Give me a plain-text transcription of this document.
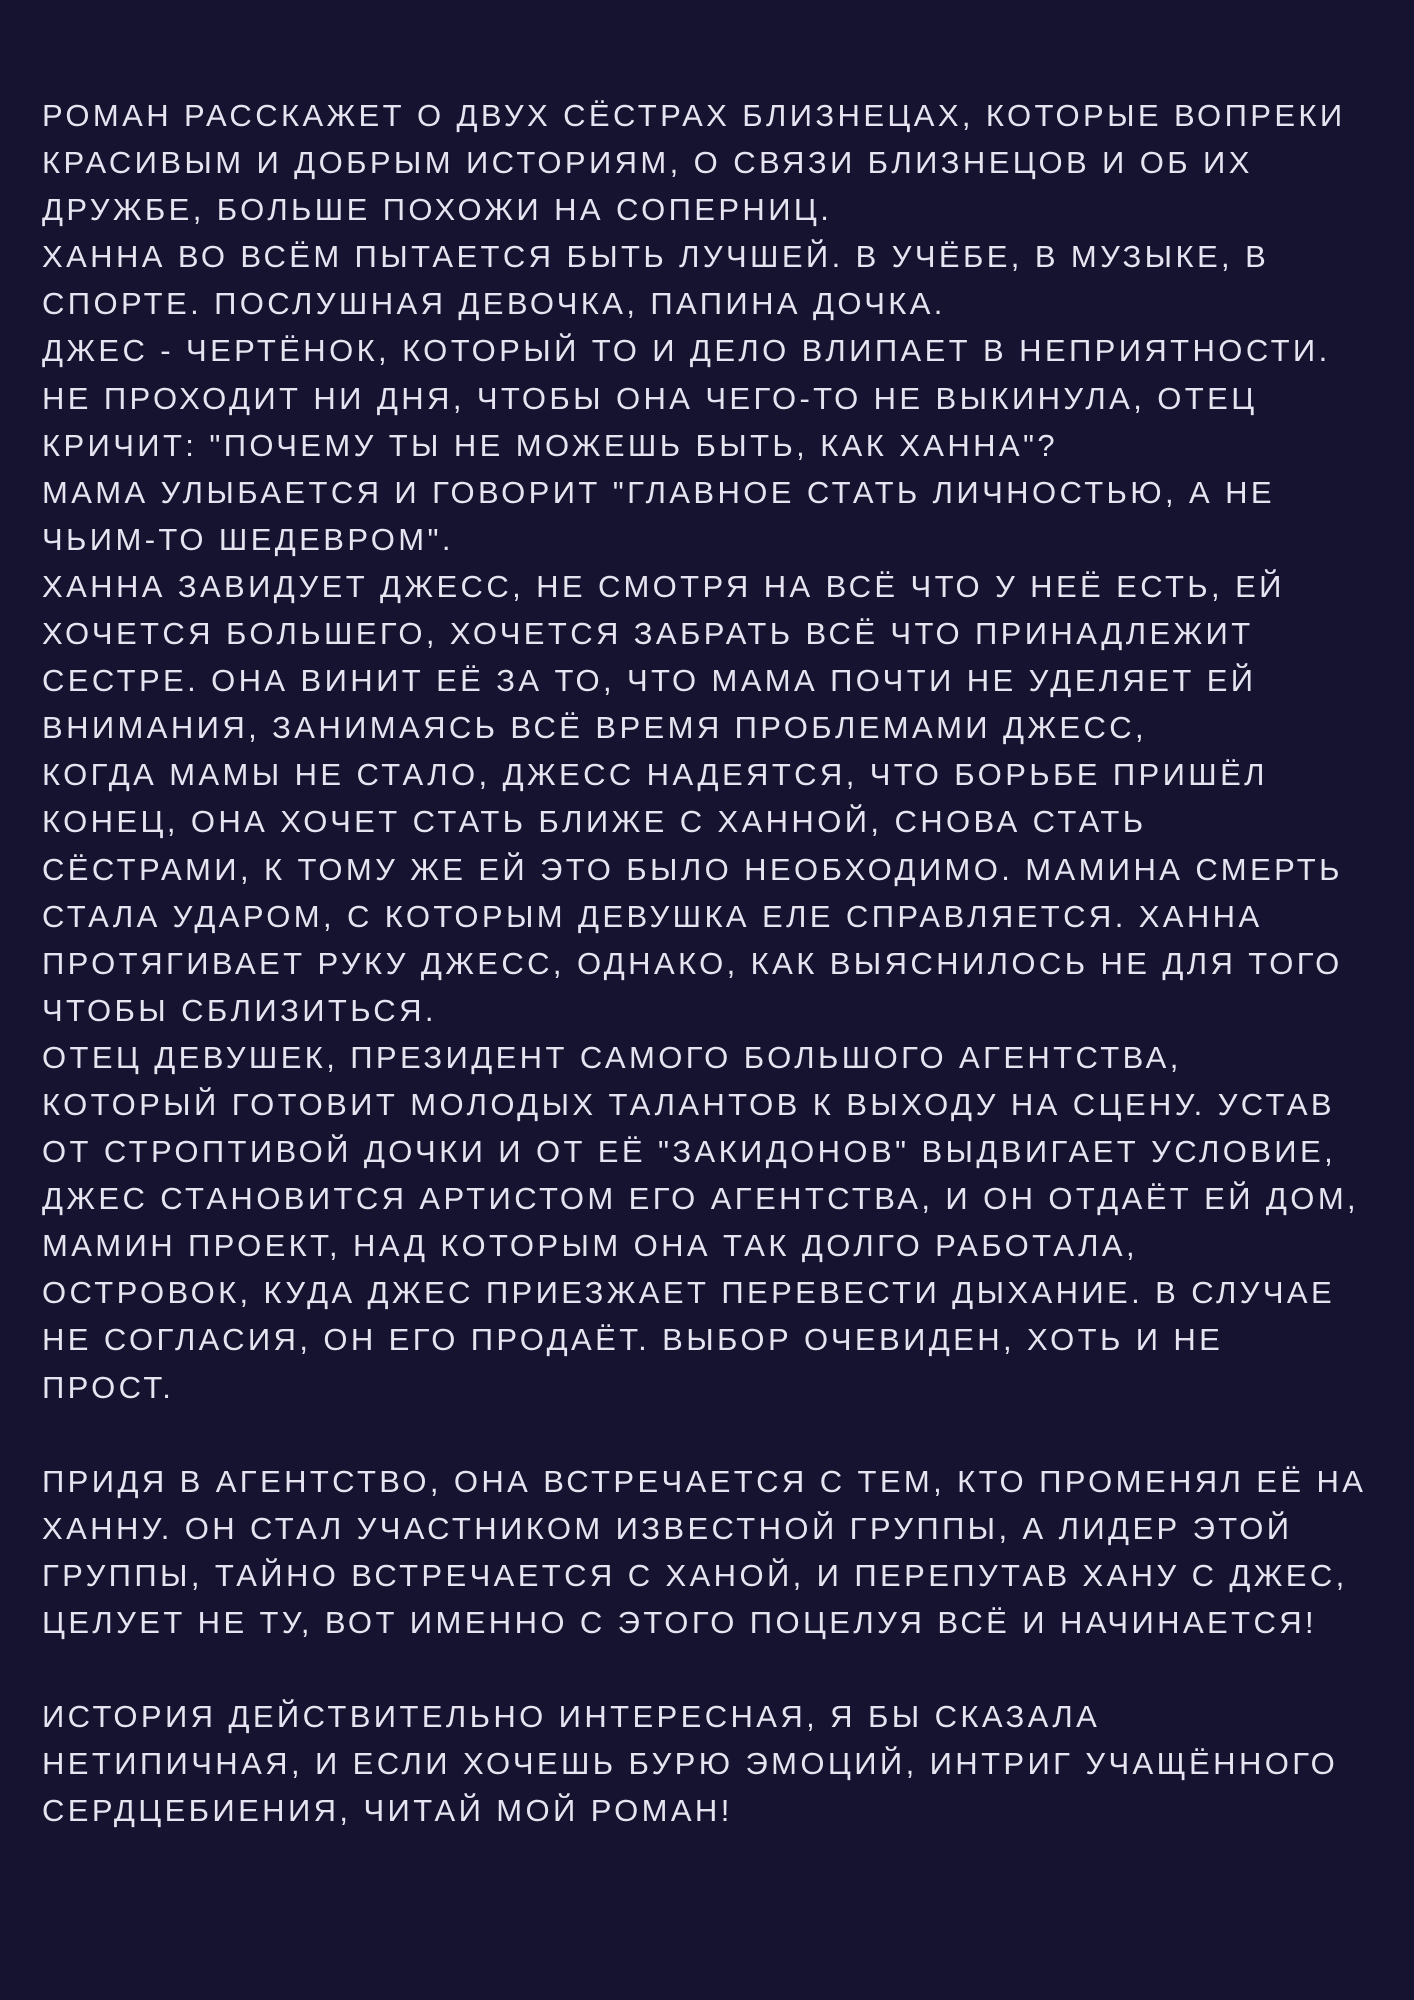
РОМАН РАССКАЖЕТ О ДВУХ СЁСТРАХ БЛИЗНЕЦАХ, КОТОРЫЕ ВОПРЕКИ
КРАСИВЫМ И ДОБРЫМ ИСТОРИЯМ, О СВЯЗИ БЛИЗНЕЦОВ И ОБ ИХ
ДРУЖБЕ, БОЛЬШЕ ПОХОЖИ НА СОПЕРНИЦ.
ХАННА ВО ВСЁМ ПЫТАЕТСЯ БЫТЬ ЛУЧШЕЙ. В УЧЁБЕ, В МУЗЫКЕ, В
СПОРТЕ. ПОСЛУШНАЯ ДЕВОЧКА, ПАПИНА ДОЧКА.
ДЖЕС - ЧЕРТЁНОК, КОТОРЫЙ ТО И ДЕЛО ВЛИПАЕТ В НЕПРИЯТНОСТИ.
НЕ ПРОХОДИТ НИ ДНЯ, ЧТОБЫ ОНА ЧЕГО-ТО НЕ ВЫКИНУЛА, ОТЕЦ
КРИЧИТ: "ПОЧЕМУ ТЫ НЕ МОЖЕШЬ БЫТЬ, КАК ХАННА"?
МАМА УЛЫБАЕТСЯ И ГОВОРИТ "ГЛАВНОЕ СТАТЬ ЛИЧНОСТЬЮ, А НЕ
ЧЬИМ-ТО ШЕДЕВРОМ".
ХАННА ЗАВИДУЕТ ДЖЕСС, НЕ СМОТРЯ НА ВСЁ ЧТО У НЕЁ ЕСТЬ, ЕЙ
ХОЧЕТСЯ БОЛЬШЕГО, ХОЧЕТСЯ ЗАБРАТЬ ВСЁ ЧТО ПРИНАДЛЕЖИТ
СЕСТРЕ. ОНА ВИНИТ ЕЁ ЗА ТО, ЧТО МАМА ПОЧТИ НЕ УДЕЛЯЕТ ЕЙ
ВНИМАНИЯ, ЗАНИМАЯСЬ ВСЁ ВРЕМЯ ПРОБЛЕМАМИ ДЖЕСС,
КОГДА МАМЫ НЕ СТАЛО, ДЖЕСС НАДЕЯТСЯ, ЧТО БОРЬБЕ ПРИШЁЛ
КОНЕЦ, ОНА ХОЧЕТ СТАТЬ БЛИЖЕ С ХАННОЙ, СНОВА СТАТЬ
СЁСТРАМИ, К ТОМУ ЖЕ ЕЙ ЭТО БЫЛО НЕОБХОДИМО. МАМИНА СМЕРТЬ
СТАЛА УДАРОМ, С КОТОРЫМ ДЕВУШКА ЕЛЕ СПРАВЛЯЕТСЯ. ХАННА
ПРОТЯГИВАЕТ РУКУ ДЖЕСС, ОДНАКО, КАК ВЫЯСНИЛОСЬ НЕ ДЛЯ ТОГО
ЧТОБЫ СБЛИЗИТЬСЯ.
ОТЕЦ ДЕВУШЕК, ПРЕЗИДЕНТ САМОГО БОЛЬШОГО АГЕНТСТВА,
КОТОРЫЙ ГОТОВИТ МОЛОДЫХ ТАЛАНТОВ К ВЫХОДУ НА СЦЕНУ. УСТАВ
ОТ СТРОПТИВОЙ ДОЧКИ И ОТ ЕЁ "ЗАКИДОНОВ" ВЫДВИГАЕТ УСЛОВИЕ,
ДЖЕС СТАНОВИТСЯ АРТИСТОМ ЕГО АГЕНТСТВА, И ОН ОТДАЁТ ЕЙ ДОМ,
МАМИН ПРОЕКТ, НАД КОТОРЫМ ОНА ТАК ДОЛГО РАБОТАЛА,
ОСТРОВОК, КУДА ДЖЕС ПРИЕЗЖАЕТ ПЕРЕВЕСТИ ДЫХАНИЕ. В СЛУЧАЕ
НЕ СОГЛАСИЯ, ОН ЕГО ПРОДАЁТ. ВЫБОР ОЧЕВИДЕН, ХОТЬ И НЕ
ПРОСТ.
ПРИДЯ В АГЕНТСТВО, ОНА ВСТРЕЧАЕТСЯ С ТЕМ, КТО ПРОМЕНЯЛ ЕЁ НА
ХАННУ. ОН СТАЛ УЧАСТНИКОМ ИЗВЕСТНОЙ ГРУППЫ, А ЛИДЕР ЭТОЙ
ГРУППЫ, ТАЙНО ВСТРЕЧАЕТСЯ С ХАНОЙ, И ПЕРЕПУТАВ ХАНУ С ДЖЕС,
ЦЕЛУЕТ НЕ ТУ, ВОТ ИМЕННО С ЭТОГО ПОЦЕЛУЯ ВСЁ И НАЧИНАЕТСЯ!
ИСТОРИЯ ДЕЙСТВИТЕЛЬНО ИНТЕРЕСНАЯ, Я БЫ СКАЗАЛА
НЕТИПИЧНАЯ, И ЕСЛИ ХОЧЕШЬ БУРЮ ЭМОЦИЙ, ИНТРИГ УЧАЩЁННОГО
СЕРДЦЕБИЕНИЯ, ЧИТАЙ МОЙ РОМАН!
